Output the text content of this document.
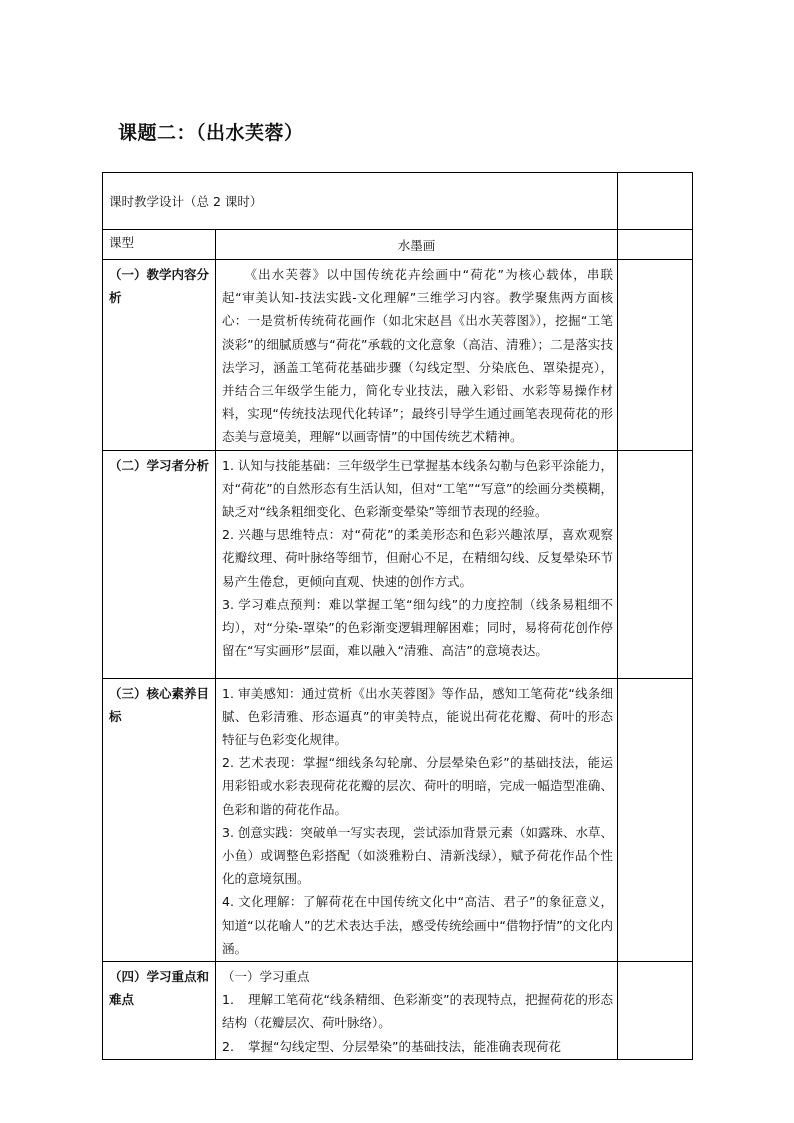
课题二：（出水芙蓉）
课时教学设计（总 2 课时）		
课型	水墨画	
（一）教学内容分析	《出水芙蓉》以中国传统花卉绘画中“荷花”为核心载体，串联起“审美认知-技法实践-文化理解”三维学习内容。教学聚焦两方面核心：一是赏析传统荷花画作（如北宋赵昌《出水芙蓉图》），挖掘“工笔淡彩”的细腻质感与“荷花”承载的文化意象（高洁、清雅）；二是落实技法学习，涵盖工笔荷花基础步骤（勾线定型、分染底色、罩染提亮），并结合三年级学生能力，简化专业技法，融入彩铅、水彩等易操作材料，实现“传统技法现代化转译”；最终引导学生通过画笔表现荷花的形态美与意境美，理解“以画寄情”的中国传统艺术精神。	

（二）学习者分析	1. 认知与技能基础：三年级学生已掌握基本线条勾勒与色彩平涂能力，对“荷花”的自然形态有生活认知，但对“工笔”“写意”的绘画分类模糊，缺乏对“线条粗细变化、色彩渐变晕染”等细节表现的经验。
2. 兴趣与思维特点：对“荷花”的柔美形态和色彩兴趣浓厚，喜欢观察花瓣纹理、荷叶脉络等细节，但耐心不足，在精细勾线、反复晕染环节易产生倦怠，更倾向直观、快速的创作方式。
3. 学习难点预判：难以掌握工笔“细勾线”的力度控制（线条易粗细不均），对“分染-罩染”的色彩渐变逻辑理解困难；同时，易将荷花创作停留在“写实画形”层面，难以融入“清雅、高洁”的意境表达。	

（三）核心素养目标	1. 审美感知：通过赏析《出水芙蓉图》等作品，感知工笔荷花“线条细腻、色彩清雅、形态逼真”的审美特点，能说出荷花花瓣、荷叶的形态特征与色彩变化规律。
2. 艺术表现：掌握“细线条勾轮廓、分层晕染色彩”的基础技法，能运用彩铅或水彩表现荷花花瓣的层次、荷叶的明暗，完成一幅造型准确、色彩和谐的荷花作品。
3. 创意实践：突破单一写实表现，尝试添加背景元素（如露珠、水草、小鱼）或调整色彩搭配（如淡雅粉白、清新浅绿），赋予荷花作品个性化的意境氛围。
4. 文化理解：了解荷花在中国传统文化中“高洁、君子”的象征意义，知道“以花喻人”的艺术表达手法，感受传统绘画中“借物抒情”的文化内涵。	

（四）学习重点和难点	（一）学习重点
1. 理解工笔荷花“线条精细、色彩渐变”的表现特点，把握荷花的形态结构（花瓣层次、荷叶脉络）。
2. 掌握“勾线定型、分层晕染”的基础技法，能准确表现荷花	
